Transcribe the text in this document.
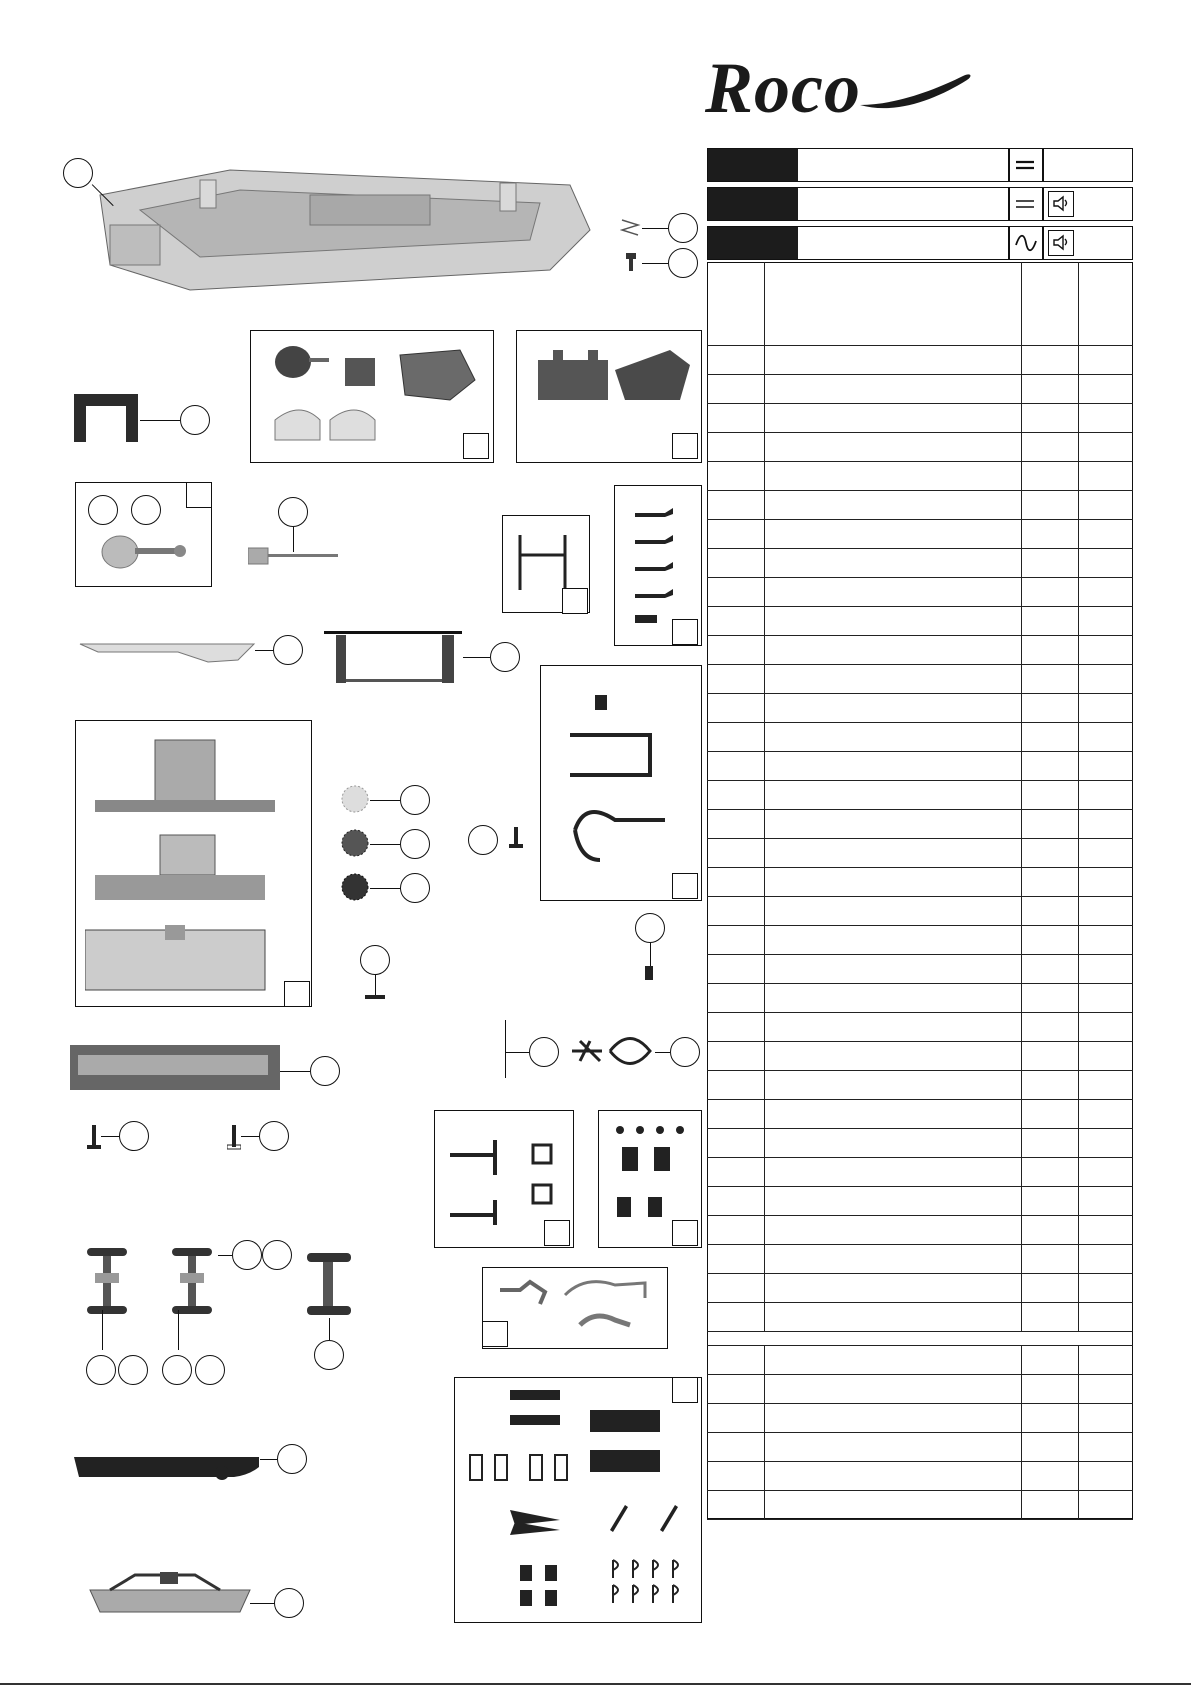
Roco
